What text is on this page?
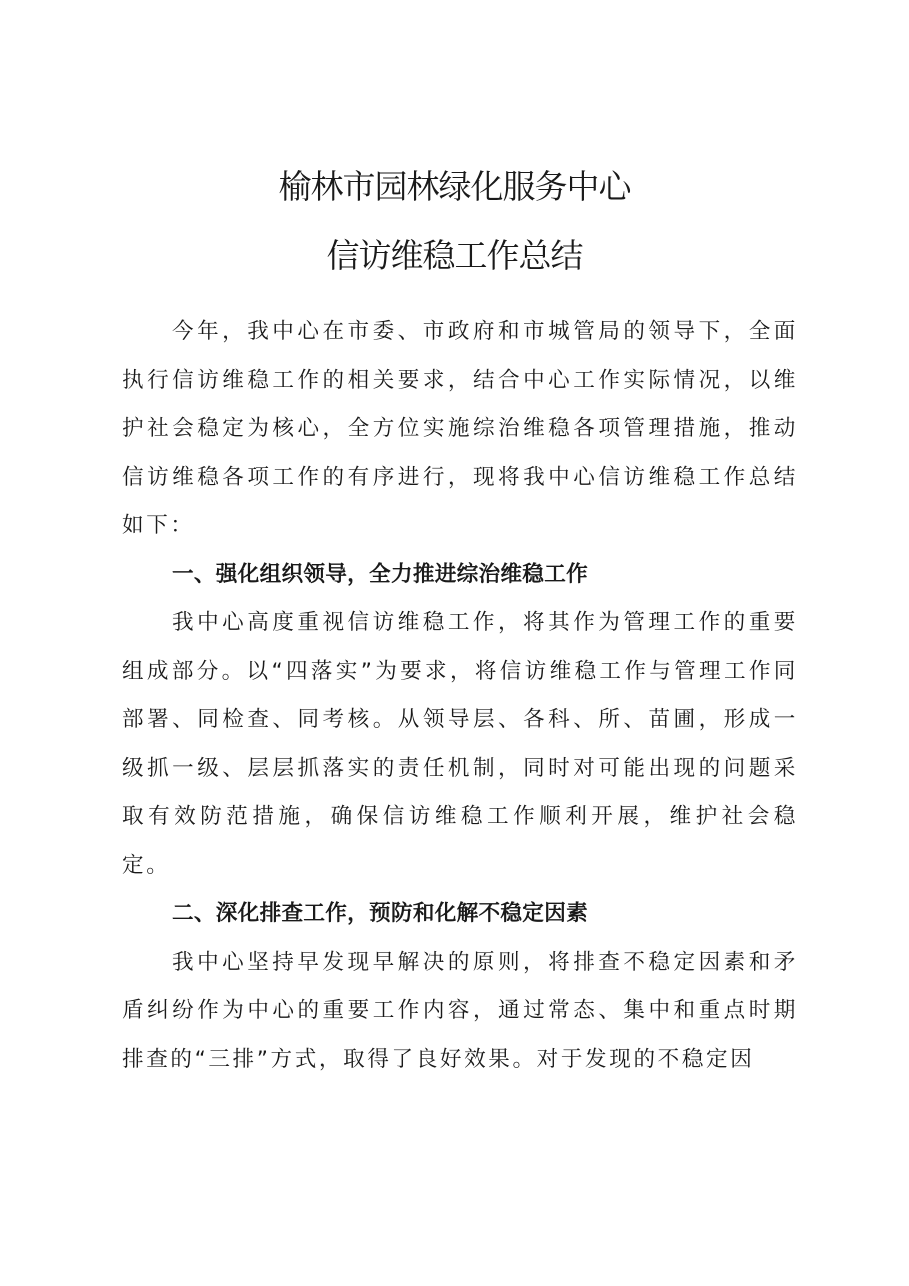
榆林市园林绿化服务中心
信访维稳工作总结

今年，我中心在市委、市政府和市城管局的领导下，全面执行信访维稳工作的相关要求，结合中心工作实际情况，以维护社会稳定为核心，全方位实施综治维稳各项管理措施，推动信访维稳各项工作的有序进行，现将我中心信访维稳工作总结如下：

一、强化组织领导，全力推进综治维稳工作

我中心高度重视信访维稳工作，将其作为管理工作的重要组成部分。以“四落实”为要求，将信访维稳工作与管理工作同部署、同检查、同考核。从领导层、各科、所、苗圃，形成一级抓一级、层层抓落实的责任机制，同时对可能出现的问题采取有效防范措施，确保信访维稳工作顺利开展，维护社会稳定。

二、深化排查工作，预防和化解不稳定因素

我中心坚持早发现早解决的原则，将排查不稳定因素和矛盾纠纷作为中心的重要工作内容，通过常态、集中和重点时期排查的“三排”方式，取得了良好效果。对于发现的不稳定因
